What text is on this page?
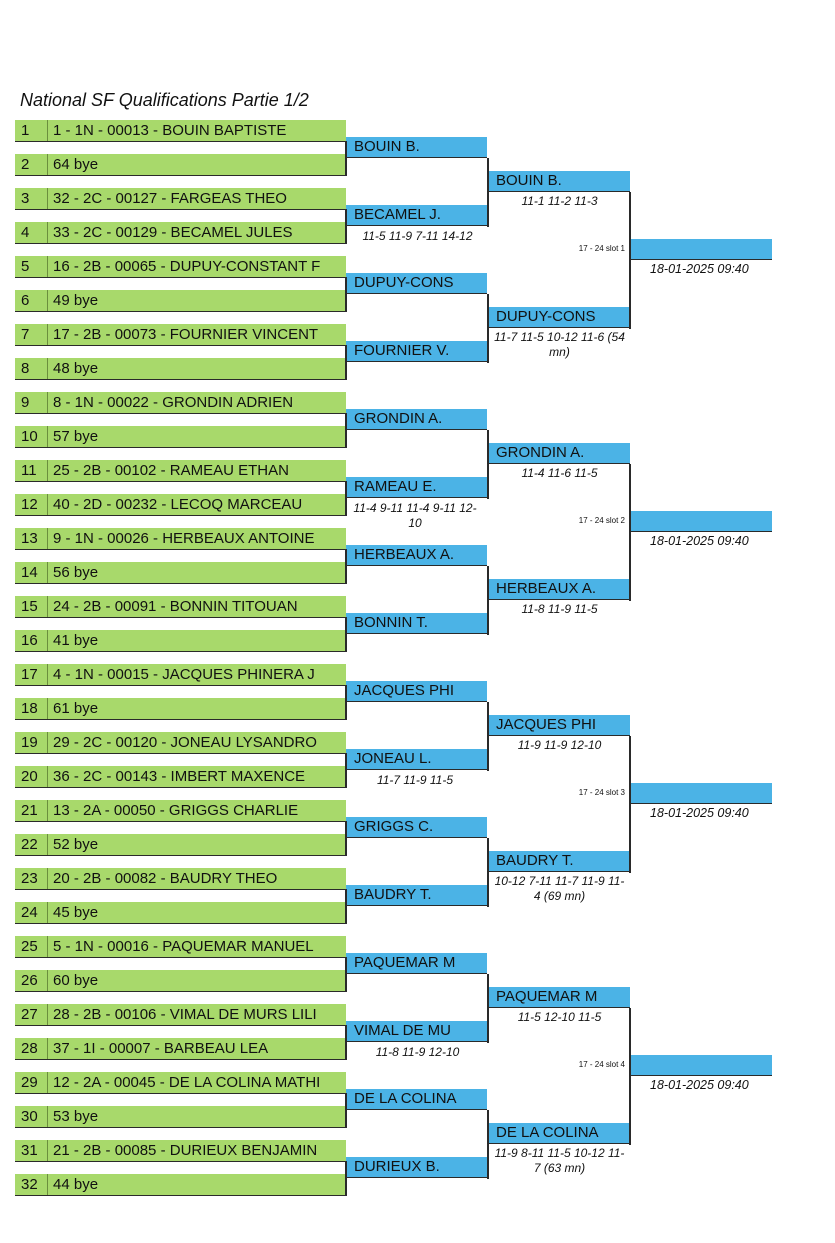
National SF Qualifications Partie 1/2
1 1 - 1N - 00013 - BOUIN BAPTISTE
2 64 bye
3 32 - 2C - 00127 - FARGEAS THEO
4 33 - 2C - 00129 - BECAMEL JULES
5 16 - 2B - 00065 - DUPUY-CONSTANT F
6 49 bye
7 17 - 2B - 00073 - FOURNIER VINCENT
8 48 bye
9 8 - 1N - 00022 - GRONDIN ADRIEN
10 57 bye
11 25 - 2B - 00102 - RAMEAU ETHAN
12 40 - 2D - 00232 - LECOQ MARCEAU
13 9 - 1N - 00026 - HERBEAUX ANTOINE
14 56 bye
15 24 - 2B - 00091 - BONNIN TITOUAN
16 41 bye
17 4 - 1N - 00015 - JACQUES PHINERA J
18 61 bye
19 29 - 2C - 00120 - JONEAU LYSANDRO
20 36 - 2C - 00143 - IMBERT MAXENCE
21 13 - 2A - 00050 - GRIGGS CHARLIE
22 52 bye
23 20 - 2B - 00082 - BAUDRY THEO
24 45 bye
25 5 - 1N - 00016 - PAQUEMAR MANUEL
26 60 bye
27 28 - 2B - 00106 - VIMAL DE MURS LILI
28 37 - 1I - 00007 - BARBEAU LEA
29 12 - 2A - 00045 - DE LA COLINA MATHI
30 53 bye
31 21 - 2B - 00085 - DURIEUX BENJAMIN
32 44 bye
BOUIN B.
BECAMEL J.
11-5 11-9 7-11 14-12
DUPUY-CONS
FOURNIER V.
GRONDIN A.
RAMEAU E.
11-4 9-11 11-4 9-11 12-10
HERBEAUX A.
BONNIN T.
JACQUES PHI
JONEAU L.
11-7 11-9 11-5
GRIGGS C.
BAUDRY T.
PAQUEMAR M
VIMAL DE MU
11-8 11-9 12-10
DE LA COLINA
DURIEUX B.
BOUIN B.
11-1 11-2 11-3
DUPUY-CONS
11-7 11-5 10-12 11-6 (54 mn)
GRONDIN A.
11-4 11-6 11-5
HERBEAUX A.
11-8 11-9 11-5
JACQUES PHI
11-9 11-9 12-10
BAUDRY T.
10-12 7-11 11-7 11-9 11-4 (69 mn)
PAQUEMAR M
11-5 12-10 11-5
DE LA COLINA
11-9 8-11 11-5 10-12 11-7 (63 mn)
17 - 24 slot 1
18-01-2025 09:40
17 - 24 slot 2
18-01-2025 09:40
17 - 24 slot 3
18-01-2025 09:40
17 - 24 slot 4
18-01-2025 09:40
